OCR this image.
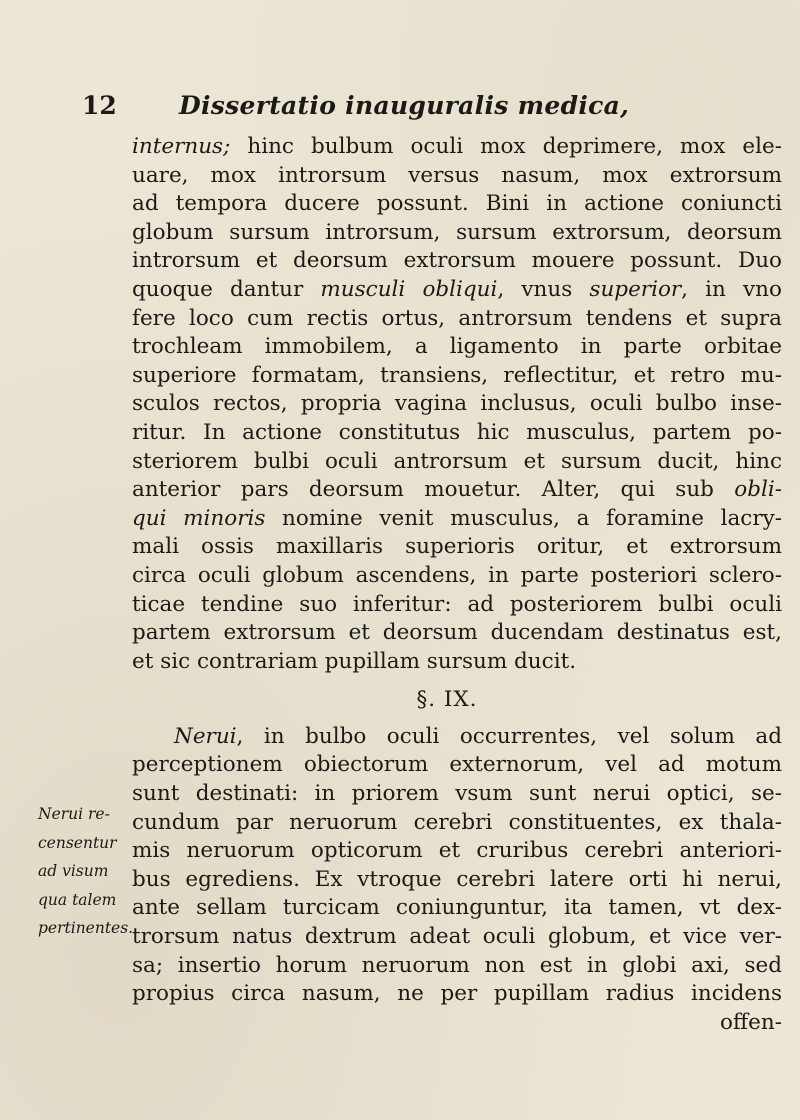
12 Dissertatio inauguralis medica,
Nerui re-
censentur
ad visum
qua talem
pertinentes.
internus; hinc bulbum oculi mox deprimere, mox ele-
uare, mox introrsum versus nasum, mox extrorsum
ad tempora ducere possunt. Bini in actione coniuncti
globum sursum introrsum, sursum extrorsum, deorsum
introrsum et deorsum extrorsum mouere possunt. Duo
quoque dantur musculi obliqui, vnus superior, in vno
fere loco cum rectis ortus, antrorsum tendens et supra
trochleam immobilem, a ligamento in parte orbitae
superiore formatam, transiens, reflectitur, et retro mu-
sculos rectos, propria vagina inclusus, oculi bulbo inse-
ritur. In actione constitutus hic musculus, partem po-
steriorem bulbi oculi antrorsum et sursum ducit, hinc
anterior pars deorsum mouetur. Alter, qui sub obli-
qui minoris nomine venit musculus, a foramine lacry-
mali ossis maxillaris superioris oritur, et extrorsum
circa oculi globum ascendens, in parte posteriori sclero-
ticae tendine suo inferitur: ad posteriorem bulbi oculi
partem extrorsum et deorsum ducendam destinatus est,
et sic contrariam pupillam sursum ducit.
§. IX.
Nerui, in bulbo oculi occurrentes, vel solum ad
perceptionem obiectorum externorum, vel ad motum
sunt destinati: in priorem vsum sunt nerui optici, se-
cundum par neruorum cerebri constituentes, ex thala-
mis neruorum opticorum et cruribus cerebri anteriori-
bus egrediens. Ex vtroque cerebri latere orti hi nerui,
ante sellam turcicam coniunguntur, ita tamen, vt dex-
trorsum natus dextrum adeat oculi globum, et vice ver-
sa; insertio horum neruorum non est in globi axi, sed
propius circa nasum, ne per pupillam radius incidens
offen-
